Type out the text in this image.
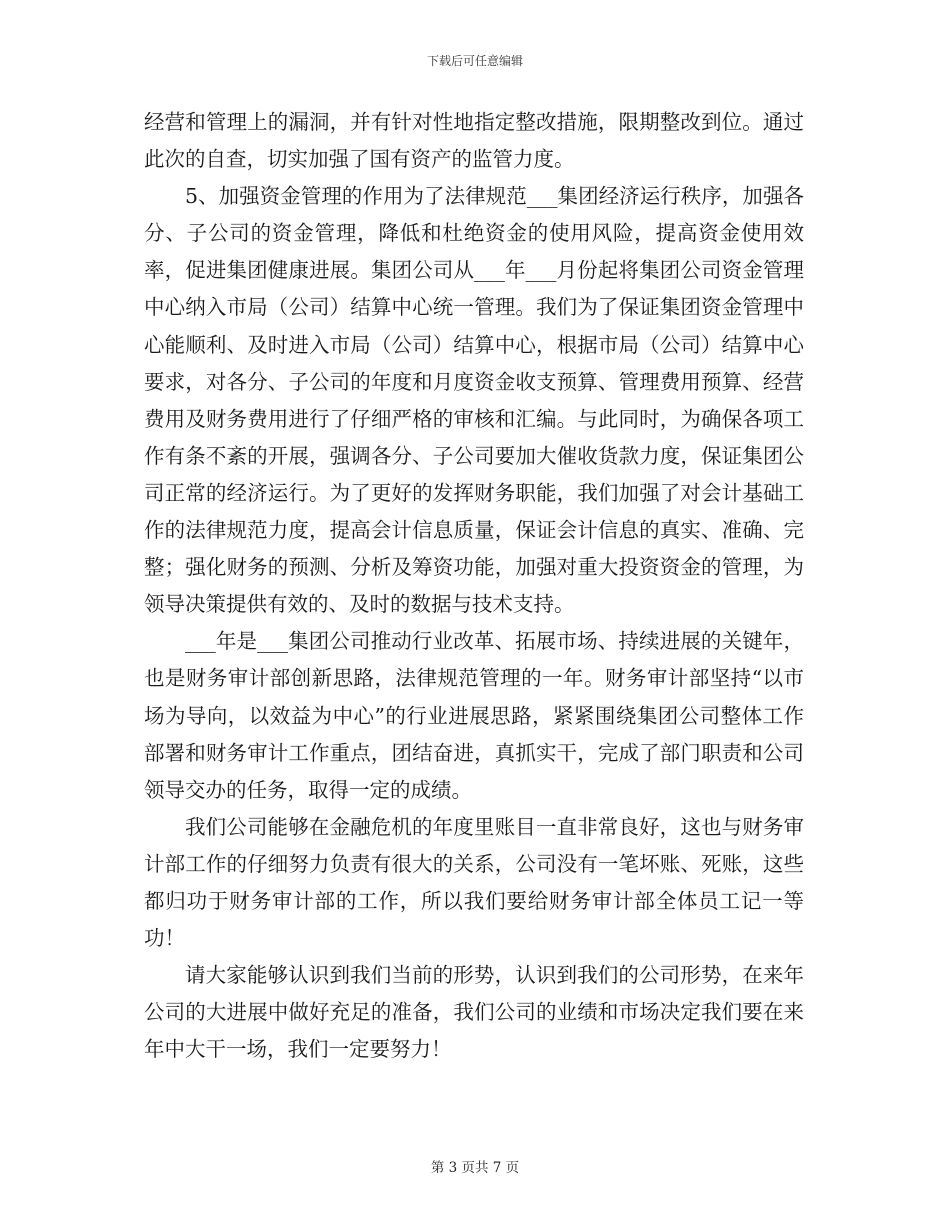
下载后可任意编辑

经营和管理上的漏洞，并有针对性地指定整改措施，限期整改到位。通过此次的自查，切实加强了国有资产的监管力度。

5、加强资金管理的作用为了法律规范___集团经济运行秩序，加强各分、子公司的资金管理，降低和杜绝资金的使用风险，提高资金使用效率，促进集团健康进展。集团公司从___年___月份起将集团公司资金管理中心纳入市局（公司）结算中心统一管理。我们为了保证集团资金管理中心能顺利、及时进入市局（公司）结算中心，根据市局（公司）结算中心要求，对各分、子公司的年度和月度资金收支预算、管理费用预算、经营费用及财务费用进行了仔细严格的审核和汇编。与此同时，为确保各项工作有条不紊的开展，强调各分、子公司要加大催收货款力度，保证集团公司正常的经济运行。为了更好的发挥财务职能，我们加强了对会计基础工作的法律规范力度，提高会计信息质量，保证会计信息的真实、准确、完整；强化财务的预测、分析及筹资功能，加强对重大投资资金的管理，为领导决策提供有效的、及时的数据与技术支持。

___年是___集团公司推动行业改革、拓展市场、持续进展的关键年，也是财务审计部创新思路，法律规范管理的一年。财务审计部坚持“以市场为导向，以效益为中心”的行业进展思路，紧紧围绕集团公司整体工作部署和财务审计工作重点，团结奋进，真抓实干，完成了部门职责和公司领导交办的任务，取得一定的成绩。

我们公司能够在金融危机的年度里账目一直非常良好，这也与财务审计部工作的仔细努力负责有很大的关系，公司没有一笔坏账、死账，这些都归功于财务审计部的工作，所以我们要给财务审计部全体员工记一等功！

请大家能够认识到我们当前的形势，认识到我们的公司形势，在来年公司的大进展中做好充足的准备，我们公司的业绩和市场决定我们要在来年中大干一场，我们一定要努力！

第 3 页共 7 页
